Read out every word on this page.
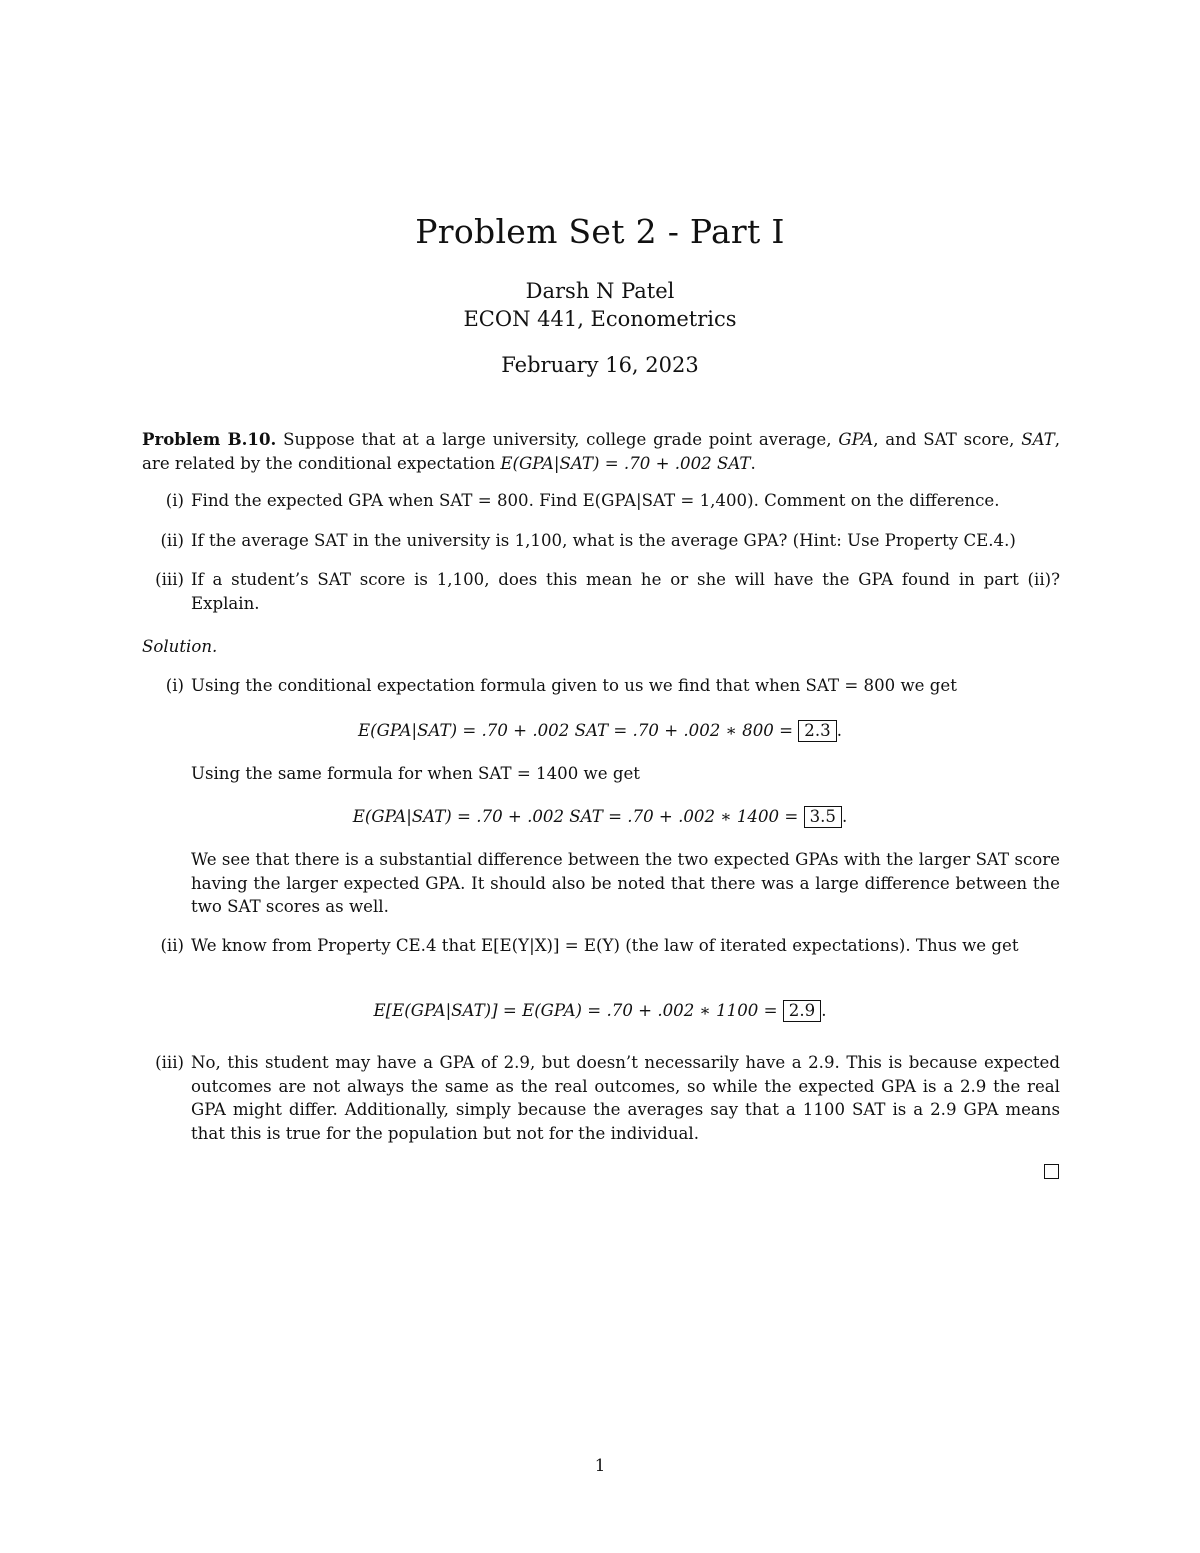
Problem Set 2 - Part I
Darsh N Patel
ECON 441, Econometrics
February 16, 2023
Problem B.10. Suppose that at a large university, college grade point average, GPA, and SAT score, SAT, are related by the conditional expectation E(GPA|SAT) = .70 + .002 SAT.
(i) Find the expected GPA when SAT = 800. Find E(GPA|SAT = 1,400). Comment on the difference.
(ii) If the average SAT in the university is 1,100, what is the average GPA? (Hint: Use Property CE.4.)
(iii) If a student’s SAT score is 1,100, does this mean he or she will have the GPA found in part (ii)? Explain.
Solution.
(i) Using the conditional expectation formula given to us we find that when SAT = 800 we get
E(GPA|SAT) = .70 + .002 SAT = .70 + .002 ∗ 800 = 2.3 .
Using the same formula for when SAT = 1400 we get
E(GPA|SAT) = .70 + .002 SAT = .70 + .002 ∗ 1400 = 3.5 .
We see that there is a substantial difference between the two expected GPAs with the larger SAT score having the larger expected GPA. It should also be noted that there was a large difference between the two SAT scores as well.
(ii) We know from Property CE.4 that E[E(Y|X)] = E(Y) (the law of iterated expectations). Thus we get
E[E(GPA|SAT)] = E(GPA) = .70 + .002 ∗ 1100 = 2.9 .
(iii) No, this student may have a GPA of 2.9, but doesn’t necessarily have a 2.9. This is because expected outcomes are not always the same as the real outcomes, so while the expected GPA is a 2.9 the real GPA might differ. Additionally, simply because the averages say that a 1100 SAT is a 2.9 GPA means that this is true for the population but not for the individual.
1
